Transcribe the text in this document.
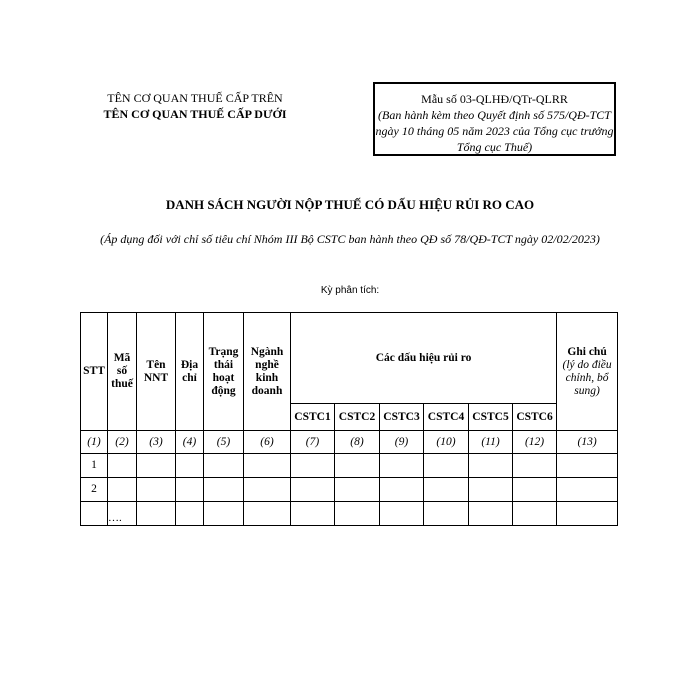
TÊN CƠ QUAN THUẾ CẤP TRÊN
TÊN CƠ QUAN THUẾ CẤP DƯỚI
Mẫu số 03-QLHĐ/QTr-QLRR
(Ban hành kèm theo Quyết định số 575/QĐ-TCT ngày 10 tháng 05 năm 2023 của Tổng cục trưởng Tổng cục Thuế)
DANH SÁCH NGƯỜI NỘP THUẾ CÓ DẤU HIỆU RỦI RO CAO
(Áp dụng đối với chỉ số tiêu chí Nhóm III Bộ CSTC ban hành theo QĐ số 78/QĐ-TCT ngày 02/02/2023)
Kỳ phân tích:
STT	Mã số thuế	Tên NNT	Địa chỉ	Trạng thái hoạt động	Ngành nghề kinh doanh	Các dấu hiệu rủi ro						Ghi chú
(lý do điều chỉnh, bổ sung)

						CSTC1	CSTC2	CSTC3	CSTC4	CSTC5	CSTC6	
(1)	(2)	(3)	(4)	(5)	(6)	(7)	(8)	(9)	(10)	(11)	(12)	(13)
1												
2												
	….											
